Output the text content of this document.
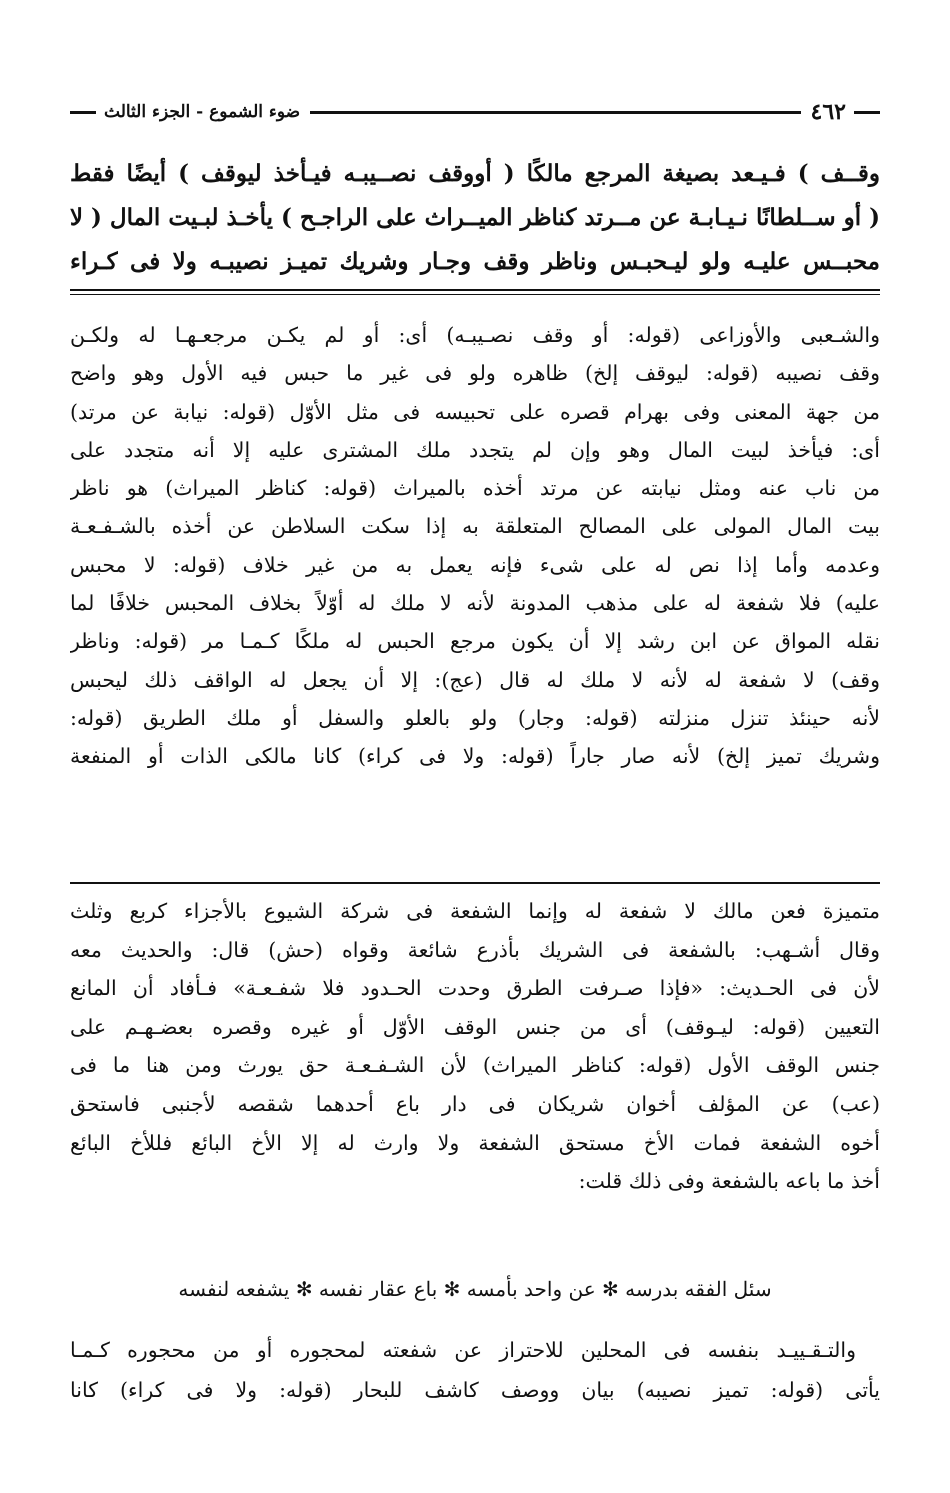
٤٦٢
ضوء الشموع - الجزء الثالث
وقــف ) فـيـعد بصيغة المرجع مالكًا ( أووقف نصــيبـه فيـأخذ ليوقف ) أيضًا فقط
( أو ســلطانًا نـيـابـة عن مــرتد كناظر الميــراث على الراجـح ) يأخـذ لبـيت المال ( لا
محبــس عليـه ولو ليـحبـس وناظر وقف وجـار وشريك تميـز نصيبـه ولا فى كـراء
والشـعبى والأوزاعى (قوله: أو وقف نصـيبـه) أى: أو لم يكـن مرجعـهـا له ولكـن
وقف نصيبه (قوله: ليوقف إلخ) ظاهره ولو فى غير ما حبس فيه الأول وهو واضح
من جهة المعنى وفى بهرام قصره على تحبيسه فى مثل الأوّل (قوله: نيابة عن مرتد)
أى: فيأخذ لبيت المال وهو وإن لم يتجدد ملك المشترى عليه إلا أنه متجدد على
من ناب عنه ومثل نيابته عن مرتد أخذه بالميراث (قوله: كناظر الميراث) هو ناظر
بيت المال المولى على المصالح المتعلقة به إذا سكت السلاطن عن أخذه بالشـفـعـة
وعدمه وأما إذا نص له على شىء فإنه يعمل به من غير خلاف (قوله: لا محبس
عليه) فلا شفعة له على مذهب المدونة لأنه لا ملك له أوّلاً بخلاف المحبس خلافًا لما
نقله المواق عن ابن رشد إلا أن يكون مرجع الحبس له ملكًا كـمـا مر (قوله: وناظر
وقف) لا شفعة له لأنه لا ملك له قال (عج): إلا أن يجعل له الواقف ذلك ليحبس
لأنه حينئذ تنزل منزلته (قوله: وجار) ولو بالعلو والسفل أو ملك الطريق (قوله:
وشريك تميز إلخ) لأنه صار جاراً (قوله: ولا فى كراء) كانا مالكى الذات أو المنفعة
متميزة فعن مالك لا شفعة له وإنما الشفعة فى شركة الشيوع بالأجزاء كربع وثلث
وقال أشـهب: بالشفعة فى الشريك بأذرع شائعة وقواه (حش) قال: والحديث معه
لأن فى الحـديث: «فإذا صـرفت الطرق وحدت الحـدود فلا شفـعـة» فـأفاد أن المانع
التعيين (قوله: ليـوقف) أى من جنس الوقف الأوّل أو غيره وقصره بعضـهـم على
جنس الوقف الأول (قوله: كناظر الميراث) لأن الشـفـعـة حق يورث ومن هنا ما فى
(عب) عن المؤلف أخوان شريكان فى دار باع أحدهما شقصه لأجنبى فاستحق
أخوه الشفعة فمات الأخ مستحق الشفعة ولا وارث له إلا الأخ البائع فللأخ البائع
أخذ ما باعه بالشفعة وفى ذلك قلت:
سئل الفقه بدرسه ✻ عن واحد بأمسه ✻ باع عقار نفسه ✻ يشفعه لنفسه
والتـقـييـد بنفسه فى المحلين للاحتراز عن شفعته لمحجوره أو من محجوره كـمـا
يأتى (قوله: تميز نصيبه) بيان ووصف كاشف للبحار (قوله: ولا فى كراء) كانا
